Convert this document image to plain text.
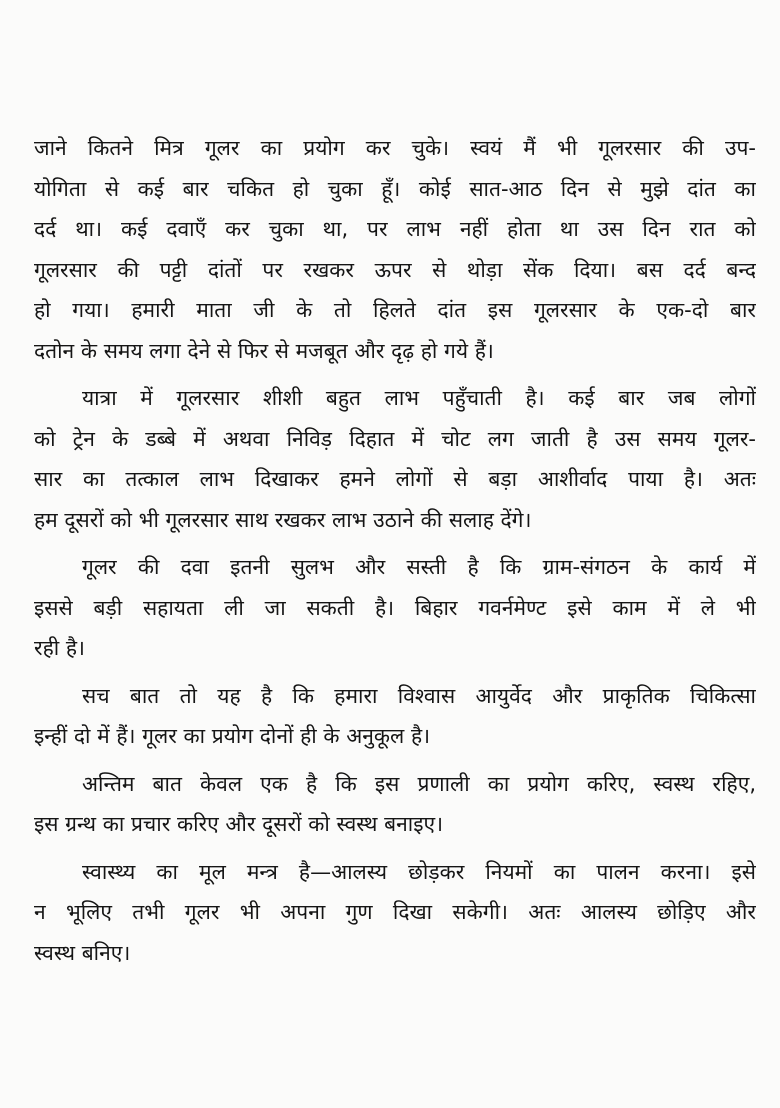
जाने कितने मित्र गूलर का प्रयोग कर चुके। स्वयं मैं भी गूलरसार की उप-
योगिता से कई बार चकित हो चुका हूँ। कोई सात-आठ दिन से मुझे दांत का
दर्द था। कई दवाएँ कर चुका था, पर लाभ नहीं होता था उस दिन रात को
गूलरसार की पट्टी दांतों पर रखकर ऊपर से थोड़ा सेंक दिया। बस दर्द बन्द
हो गया। हमारी माता जी के तो हिलते दांत इस गूलरसार के एक-दो बार
दतोन के समय लगा देने से फिर से मजबूत और दृढ़ हो गये हैं।
यात्रा में गूलरसार शीशी बहुत लाभ पहुँचाती है। कई बार जब लोगों
को ट्रेन के डब्बे में अथवा निविड़ दिहात में चोट लग जाती है उस समय गूलर-
सार का तत्काल लाभ दिखाकर हमने लोगों से बड़ा आशीर्वाद पाया है। अतः
हम दूसरों को भी गूलरसार साथ रखकर लाभ उठाने की सलाह देंगे।
गूलर की दवा इतनी सुलभ और सस्ती है कि ग्राम-संगठन के कार्य में
इससे बड़ी सहायता ली जा सकती है। बिहार गवर्नमेण्ट इसे काम में ले भी
रही है।
सच बात तो यह है कि हमारा विश्वास आयुर्वेद और प्राकृतिक चिकित्सा
इन्हीं दो में हैं। गूलर का प्रयोग दोनों ही के अनुकूल है।
अन्तिम बात केवल एक है कि इस प्रणाली का प्रयोग करिए, स्वस्थ रहिए,
इस ग्रन्थ का प्रचार करिए और दूसरों को स्वस्थ बनाइए।
स्वास्थ्य का मूल मन्त्र है—आलस्य छोड़कर नियमों का पालन करना। इसे
न भूलिए तभी गूलर भी अपना गुण दिखा सकेगी। अतः आलस्य छोड़िए और
स्वस्थ बनिए।
